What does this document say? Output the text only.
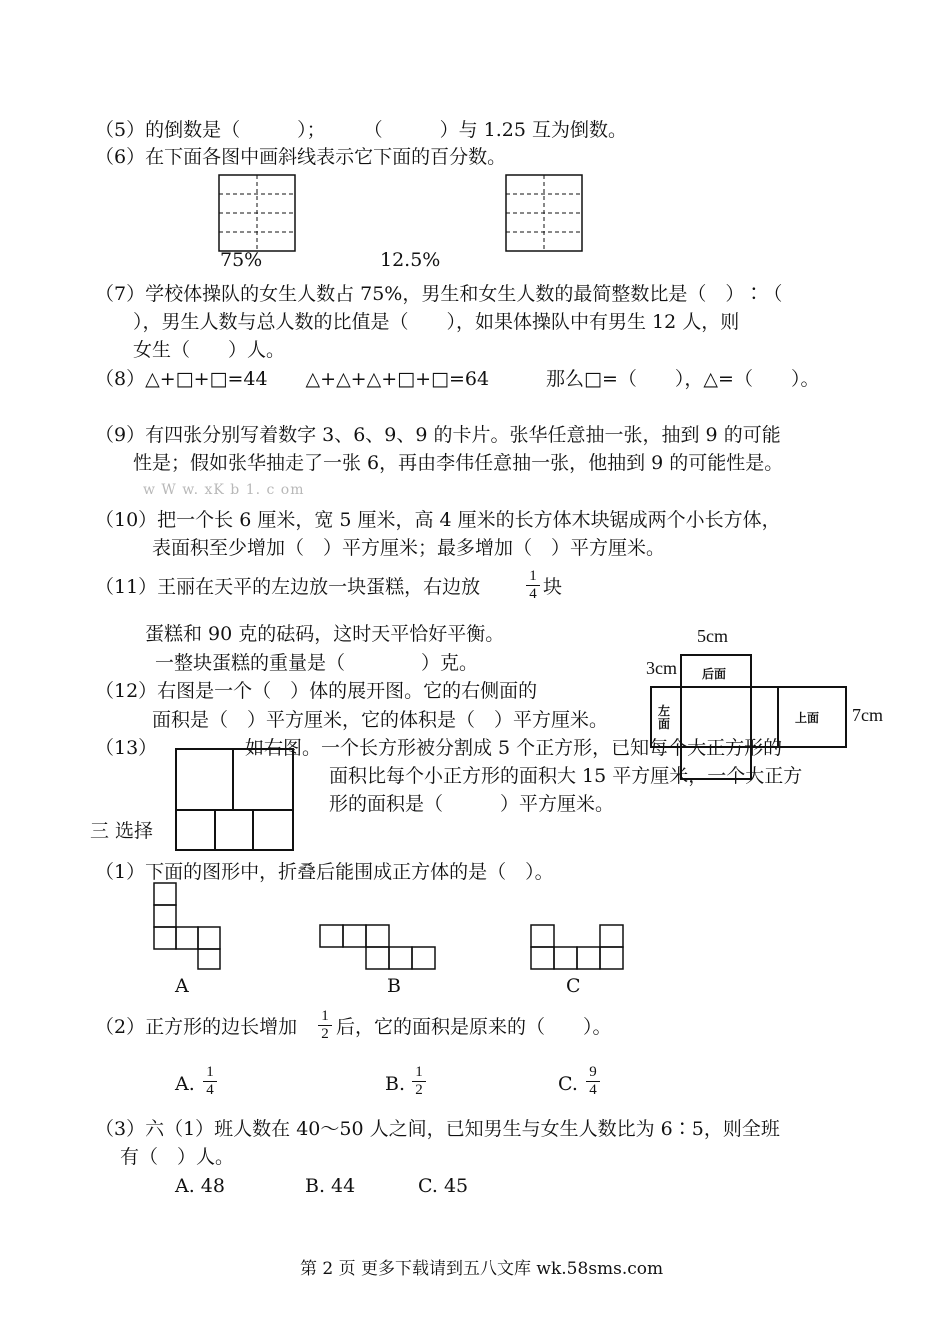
（5）的倒数是（　　　）；　　　（　　　）与 1.25 互为倒数。
（6）在下面各图中画斜线表示它下面的百分数。
75%	12.5%
（7）学校体操队的女生人数占 75%，男生和女生人数的最简整数比是（　）∶（
　　），男生人数与总人数的比值是（　　），如果体操队中有男生 12 人，则
　　女生（　　）人。
（8）△+□+□=44　　△+△+△+□+□=64　　　那么□=（　　），△=（　　）。
（9）有四张分别写着数字 3、6、9、9 的卡片。张华任意抽一张，抽到 9 的可能
　　性是；假如张华抽走了一张 6，再由李伟任意抽一张，他抽到 9 的可能性是。
w W w. xK b 1. c om
（10）把一个长 6 厘米，宽 5 厘米，高 4 厘米的长方体木块锯成两个小长方体，
　　　表面积至少增加（　）平方厘米；最多增加（　）平方厘米。
（11）王丽在天平的左边放一块蛋糕，右边放	$\frac{1}{4}$ 块
蛋糕和 90 克的砝码，这时天平恰好平衡。
一整块蛋糕的重量是（　　　　）克。
5cm
3cm
7cm
后面
左面	上面
（12）右图是一个（　）体的展开图。它的右侧面的
　　　面积是（　）平方厘米，它的体积是（　）平方厘米。
（13）	如右图。一个长方形被分割成 5 个正方形，已知每个大正方形的
面积比每个小正方形的面积大 15 平方厘米，一个大正方
形的面积是（　　　）平方厘米。
三 选择
（1）下面的图形中，折叠后能围成正方体的是（　）。
A	B	C
（2）正方形的边长增加 $\frac{1}{2}$ 后，它的面积是原来的（　　）。
A. $\frac{1}{4}$	B. $\frac{1}{2}$	C. $\frac{9}{4}$
（3）六（1）班人数在 40～50 人之间，已知男生与女生人数比为 6∶5，则全班
有（　）人。
A. 48	B. 44	C. 45
第 2 页 更多下载请到五八文库 wk.58sms.com
